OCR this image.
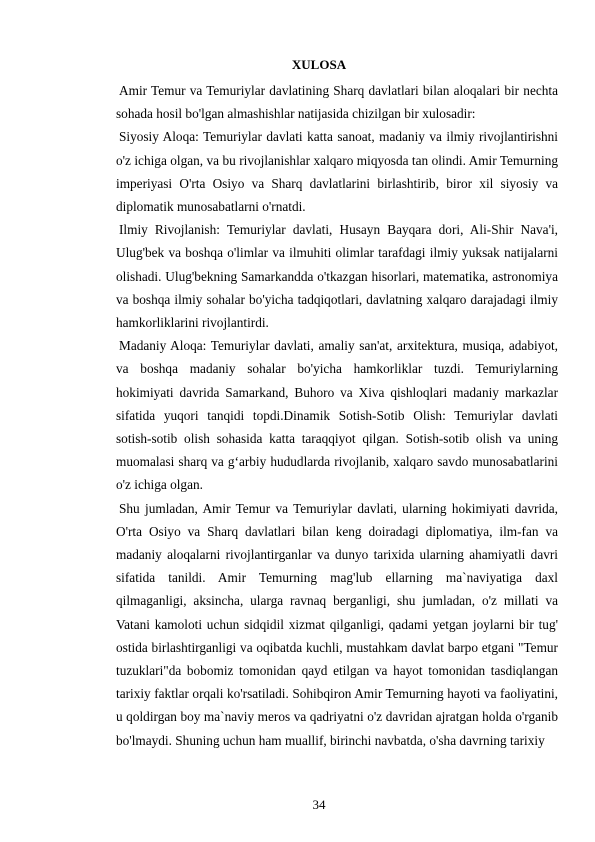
XULOSA

Amir Temur va Temuriylar davlatining Sharq davlatlari bilan aloqalari bir nechta sohada hosil bo'lgan almashishlar natijasida chizilgan bir xulosadir:

Siyosiy Aloqa: Temuriylar davlati katta sanoat, madaniy va ilmiy rivojlantirishni o'z ichiga olgan, va bu rivojlanishlar xalqaro miqyosda tan olindi. Amir Temurning imperiyasi O'rta Osiyo va Sharq davlatlarini birlashtirib, biror xil siyosiy va diplomatik munosabatlarni o'rnatdi.

Ilmiy Rivojlanish: Temuriylar davlati, Husayn Bayqara dori, Ali-Shir Nava'i, Ulug'bek va boshqa o'limlar va ilmuhiti olimlar tarafdagi ilmiy yuksak natijalarni olishadi. Ulug'bekning Samarkandda o'tkazgan hisorlari, matematika, astronomiya va boshqa ilmiy sohalar bo'yicha tadqiqotlari, davlatning xalqaro darajadagi ilmiy hamkorliklarini rivojlantirdi.

Madaniy Aloqa: Temuriylar davlati, amaliy san'at, arxitektura, musiqa, adabiyot, va boshqa madaniy sohalar bo'yicha hamkorliklar tuzdi. Temuriylarning hokimiyati davrida Samarkand, Buhoro va Xiva qishloqlari madaniy markazlar sifatida yuqori tanqidi topdi.Dinamik Sotish-Sotib Olish: Temuriylar davlati sotish-sotib olish sohasida katta taraqqiyot qilgan. Sotish-sotib olish va uning muomalasi sharq va g‘arbiy hududlarda rivojlanib, xalqaro savdo munosabatlarini o'z ichiga olgan.

Shu jumladan, Amir Temur va Temuriylar davlati, ularning hokimiyati davrida, O'rta Osiyo va Sharq davlatlari bilan keng doiradagi diplomatiya, ilm-fan va madaniy aloqalarni rivojlantirganlar va dunyo tarixida ularning ahamiyatli davri sifatida tanildi. Amir Temurning mag'lub ellarning ma`naviyatiga daxl qilmaganligi, aksincha, ularga ravnaq berganligi, shu jumladan, o'z millati va Vatani kamoloti uchun sidqidil xizmat qilganligi, qadami yetgan joylarni bir tug' ostida birlashtirganligi va oqibatda kuchli, mustahkam davlat barpo etgani "Temur tuzuklari"da bobomiz tomonidan qayd etilgan va hayot tomonidan tasdiqlangan tarixiy faktlar orqali ko'rsatiladi. Sohibqiron Amir Temurning hayoti va faoliyatini, u qoldirgan boy ma`naviy meros va qadriyatni o'z davridan ajratgan holda o'rganib bo'lmaydi. Shuning uchun ham muallif, birinchi navbatda, o'sha davrning tarixiy

34
